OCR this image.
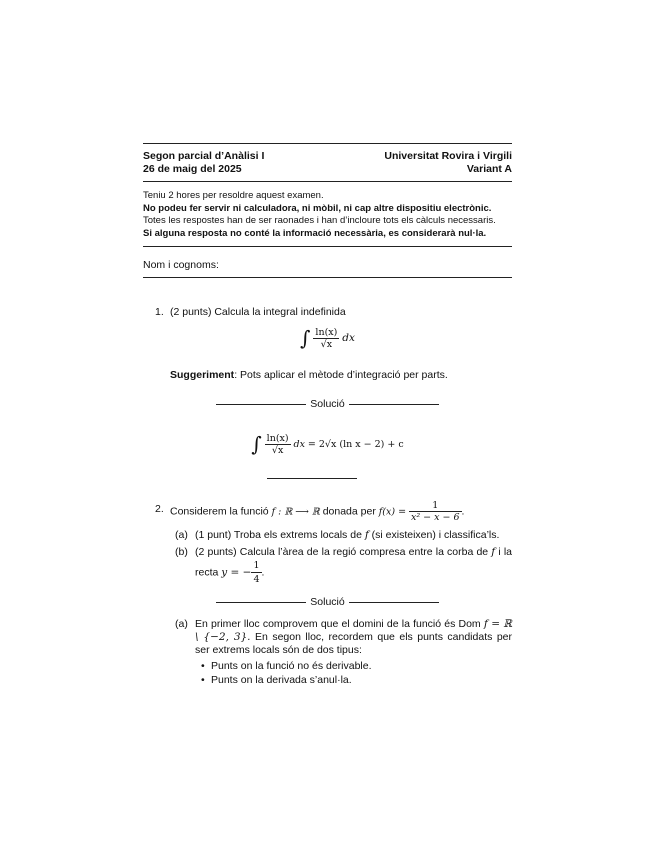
Segon parcial d’Anàlisi I
26 de maig del 2025
Universitat Rovira i Virgili
Variant A
Teniu 2 hores per resoldre aquest examen.
No podeu fer servir ni calculadora, ni mòbil, ni cap altre dispositiu electrònic.
Totes les respostes han de ser raonades i han d’incloure tots els càlculs necessaris.
Si alguna resposta no conté la informació necessària, es considerarà nul·la.
Nom i cognoms:
1. (2 punts) Calcula la integral indefinida
∫ $\frac{\ln(x)}{√x}$ dx
Suggeriment: Pots aplicar el mètode d’integració per parts.
Solució
∫ $\frac{\ln(x)}{√x}$ dx = 2√x (ln x − 2) + c
2. Considerem la funció f : ℝ ⟶ ℝ donada per $f(x) = \frac{1}{\text{x² − x − 6}}$ .
(a) (1 punt) Troba els extrems locals de f (si existeixen) i classifica’ls.
(b) (2 punts) Calcula l’àrea de la regió compresa entre la corba de f i la recta y = − $\frac{1}{4}$ .
Solució
(a) En primer lloc comprovem que el domini de la funció és Dom f = ℝ \ {−2, 3}. En segon lloc, recordem que els punts candidats per ser extrems locals són de dos tipus:
• Punts on la funció no és derivable.
• Punts on la derivada s’anul·la.
